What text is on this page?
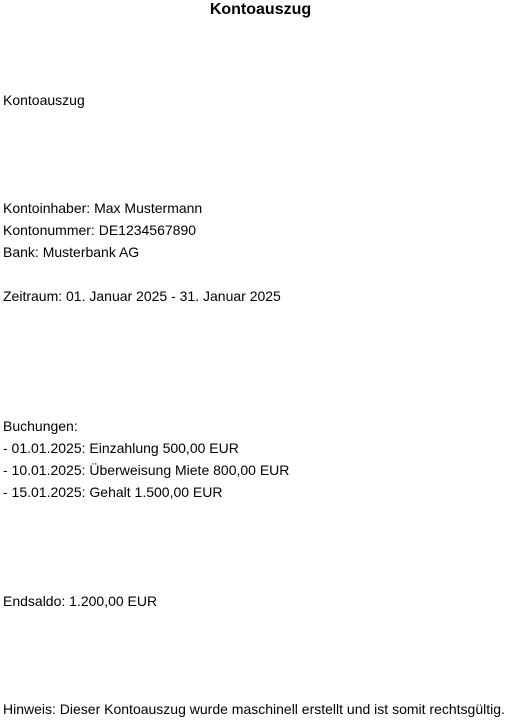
Kontoauszug
Kontoauszug
Kontoinhaber: Max Mustermann
Kontonummer: DE1234567890
Bank: Musterbank AG
Zeitraum: 01. Januar 2025 - 31. Januar 2025
Buchungen:
- 01.01.2025: Einzahlung 500,00 EUR
- 10.01.2025: Überweisung Miete 800,00 EUR
- 15.01.2025: Gehalt 1.500,00 EUR
Endsaldo: 1.200,00 EUR
Hinweis: Dieser Kontoauszug wurde maschinell erstellt und ist somit rechtsgültig.
